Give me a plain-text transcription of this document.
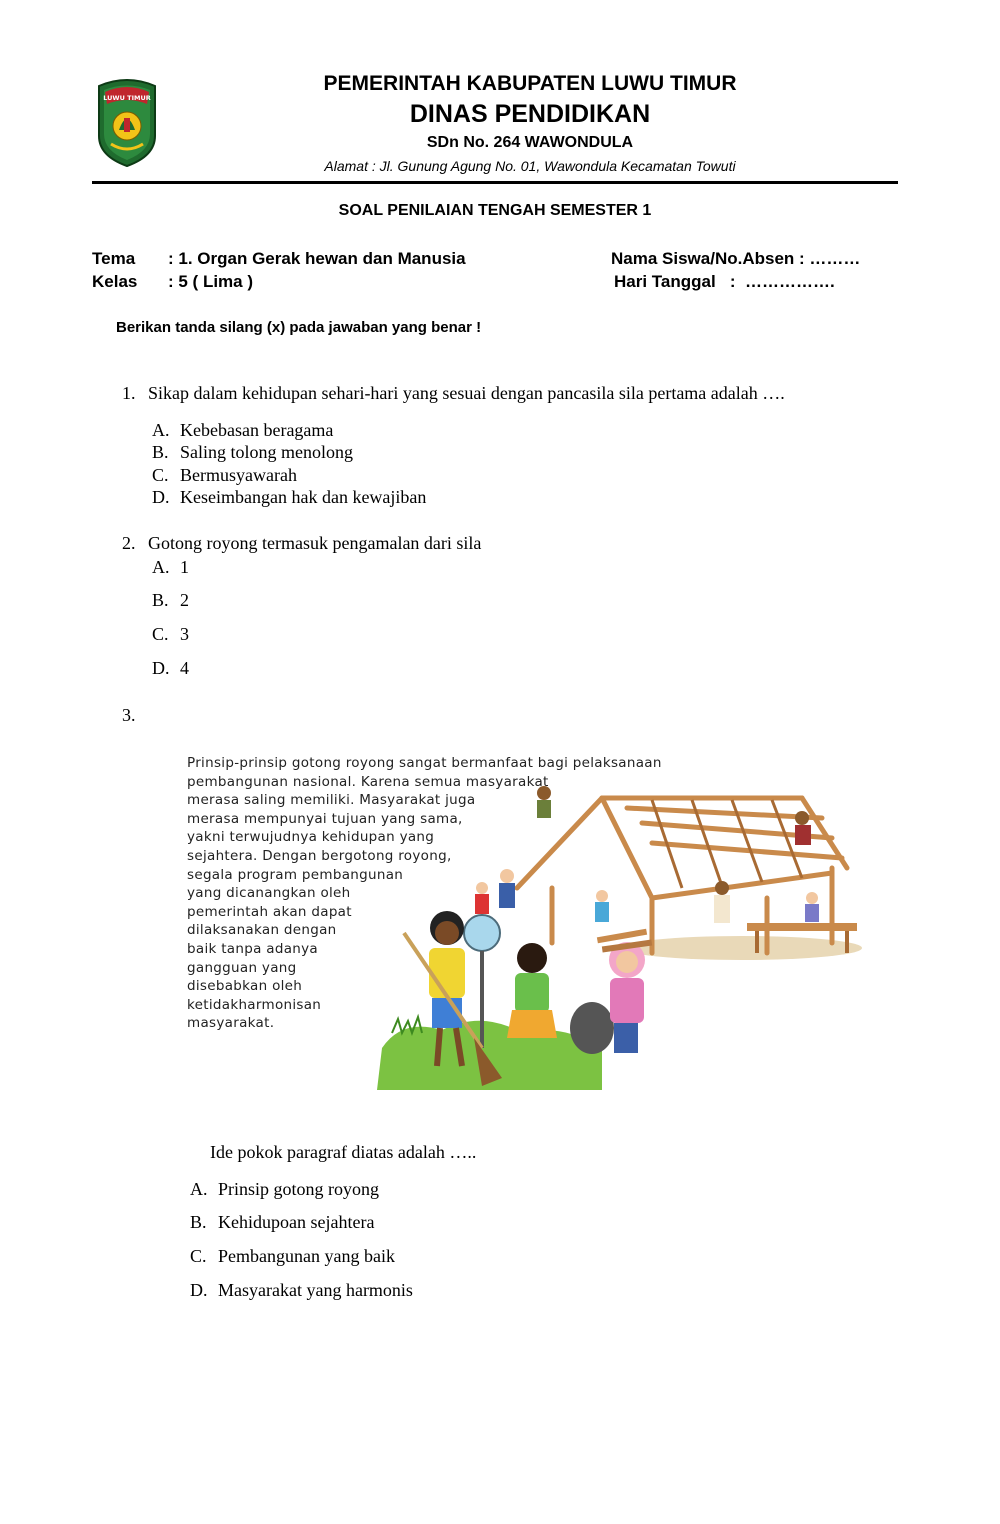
LUWU TIMUR
PEMERINTAH KABUPATEN LUWU TIMUR
DINAS PENDIDIKAN
SDn No. 264 WAWONDULA
Alamat : Jl. Gunung Agung No. 01, Wawondula Kecamatan Towuti
SOAL PENILAIAN TENGAH SEMESTER 1
Tema : 1. Organ Gerak hewan dan Manusia
Kelas : 5 ( Lima )
Nama Siswa/No.Absen : ………
Hari Tanggal   :  …………….
Berikan tanda silang (x) pada jawaban yang benar !
1. Sikap dalam kehidupan sehari-hari yang sesuai dengan pancasila sila pertama adalah ….
A. Kebebasan beragama
B. Saling tolong menolong
C. Bermusyawarah
D. Keseimbangan hak dan kewajiban
2. Gotong royong termasuk pengamalan dari sila
A. 1
B. 2
C. 3
D. 4
3.
Prinsip-prinsip gotong royong sangat bermanfaat bagi pelaksanaan
pembangunan nasional. Karena semua masyarakat
merasa saling memiliki. Masyarakat juga
merasa mempunyai tujuan yang sama,
yakni terwujudnya kehidupan yang
sejahtera. Dengan bergotong royong,
segala program pembangunan
yang dicanangkan oleh
pemerintah akan dapat
dilaksanakan dengan
baik tanpa adanya
gangguan yang
disebabkan oleh
ketidakharmonisan
masyarakat.
Ide pokok paragraf diatas adalah …..
A. Prinsip gotong royong
B. Kehidupoan sejahtera
C. Pembangunan yang baik
D. Masyarakat yang harmonis
